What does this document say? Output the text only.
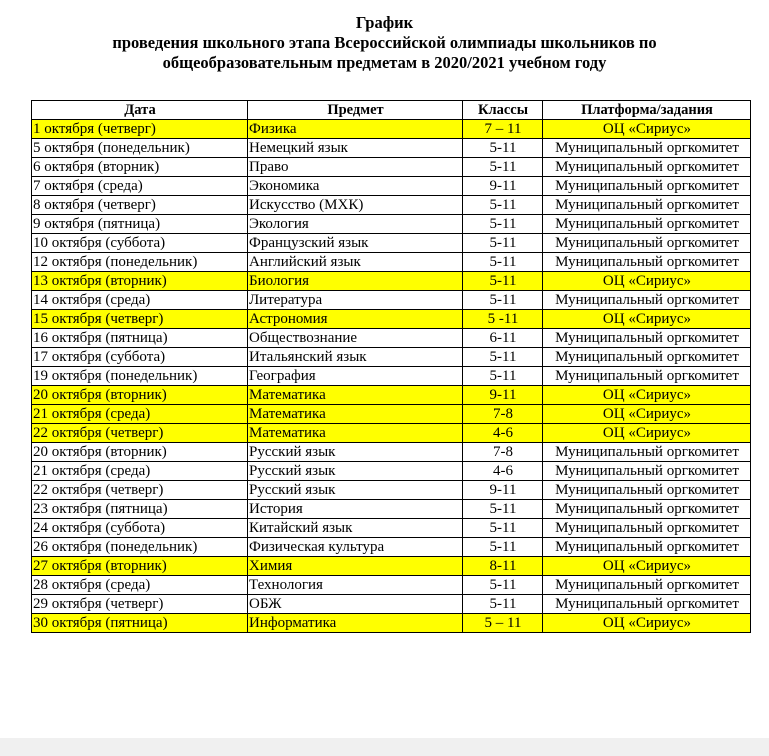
График
проведения школьного этапа Всероссийской олимпиады школьников по
общеобразовательным предметам в 2020/2021 учебном году
Дата	Предмет	Классы	Платформа/задания
1 октября (четверг)	Физика	7 – 11	ОЦ «Сириус»
5 октября (понедельник)	Немецкий язык	5-11	Муниципальный оргкомитет
6 октября (вторник)	Право	5-11	Муниципальный оргкомитет
7 октября (среда)	Экономика	9-11	Муниципальный оргкомитет
8 октября (четверг)	Искусство (МХК)	5-11	Муниципальный оргкомитет
9 октября (пятница)	Экология	5-11	Муниципальный оргкомитет
10 октября (суббота)	Французский язык	5-11	Муниципальный оргкомитет
12 октября (понедельник)	Английский язык	5-11	Муниципальный оргкомитет
13 октября (вторник)	Биология	5-11	ОЦ «Сириус»
14 октября (среда)	Литература	5-11	Муниципальный оргкомитет
15 октября (четверг)	Астрономия	5 -11	ОЦ «Сириус»
16 октября (пятница)	Обществознание	6-11	Муниципальный оргкомитет
17 октября (суббота)	Итальянский язык	5-11	Муниципальный оргкомитет
19 октября (понедельник)	География	5-11	Муниципальный оргкомитет
20 октября (вторник)	Математика	9-11	ОЦ «Сириус»
21 октября (среда)	Математика	7-8	ОЦ «Сириус»
22 октября (четверг)	Математика	4-6	ОЦ «Сириус»
20 октября (вторник)	Русский язык	7-8	Муниципальный оргкомитет
21 октября (среда)	Русский язык	4-6	Муниципальный оргкомитет
22 октября (четверг)	Русский язык	9-11	Муниципальный оргкомитет
23 октября (пятница)	История	5-11	Муниципальный оргкомитет
24 октября (суббота)	Китайский язык	5-11	Муниципальный оргкомитет
26 октября (понедельник)	Физическая культура	5-11	Муниципальный оргкомитет
27 октября (вторник)	Химия	8-11	ОЦ «Сириус»
28 октября (среда)	Технология	5-11	Муниципальный оргкомитет
29 октября (четверг)	ОБЖ	5-11	Муниципальный оргкомитет
30 октября (пятница)	Информатика	5 – 11	ОЦ «Сириус»
